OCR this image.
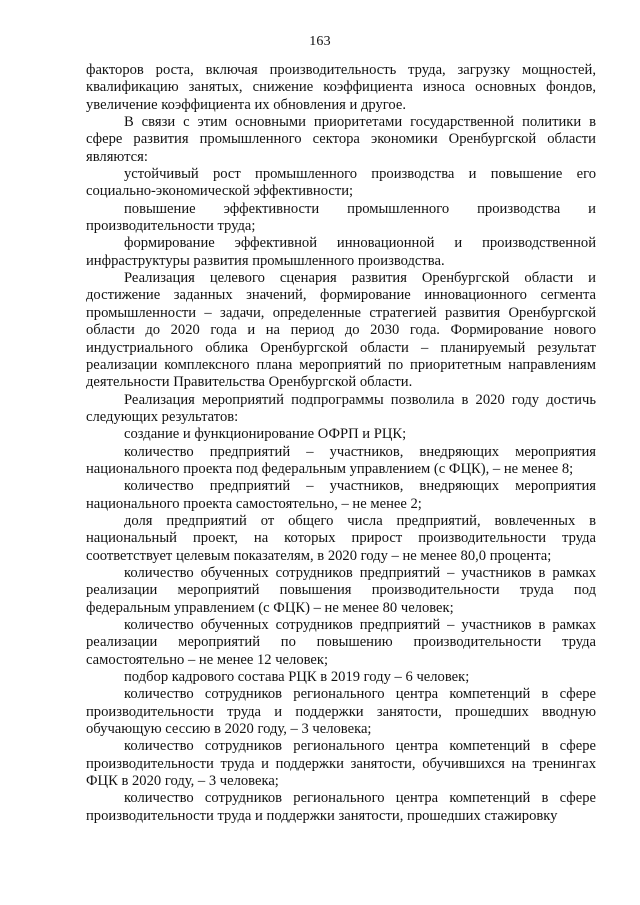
163

факторов роста, включая производительность труда, загрузку мощностей, квалификацию занятых, снижение коэффициента износа основных фондов, увеличение коэффициента их обновления и другое.

В связи с этим основными приоритетами государственной политики в сфере развития промышленного сектора экономики Оренбургской области являются:

устойчивый рост промышленного производства и повышение его социально-экономической эффективности;

повышение эффективности промышленного производства и производительности труда;

формирование эффективной инновационной и производственной инфраструктуры развития промышленного производства.

Реализация целевого сценария развития Оренбургской области и достижение заданных значений, формирование инновационного сегмента промышленности – задачи, определенные стратегией развития Оренбургской области до 2020 года и на период до 2030 года. Формирование нового индустриального облика Оренбургской области – планируемый результат реализации комплексного плана мероприятий по приоритетным направлениям деятельности Правительства Оренбургской области.

Реализация мероприятий подпрограммы позволила в 2020 году достичь следующих результатов:

создание и функционирование ОФРП и РЦК;

количество предприятий – участников, внедряющих мероприятия национального проекта под федеральным управлением (с ФЦК), – не менее 8;

количество предприятий – участников, внедряющих мероприятия национального проекта самостоятельно, – не менее 2;

доля предприятий от общего числа предприятий, вовлеченных в национальный проект, на которых прирост производительности труда соответствует целевым показателям, в 2020 году – не менее 80,0 процента;

количество обученных сотрудников предприятий – участников в рамках реализации мероприятий повышения производительности труда под федеральным управлением (с ФЦК) – не менее 80 человек;

количество обученных сотрудников предприятий – участников в рамках реализации мероприятий по повышению производительности труда самостоятельно – не менее 12 человек;

подбор кадрового состава РЦК в 2019 году – 6 человек;

количество сотрудников регионального центра компетенций в сфере производительности труда и поддержки занятости, прошедших вводную обучающую сессию в 2020 году, – 3 человека;

количество сотрудников регионального центра компетенций в сфере производительности труда и поддержки занятости, обучившихся на тренингах ФЦК в 2020 году, – 3 человека;

количество сотрудников регионального центра компетенций в сфере производительности труда и поддержки занятости, прошедших стажировку
